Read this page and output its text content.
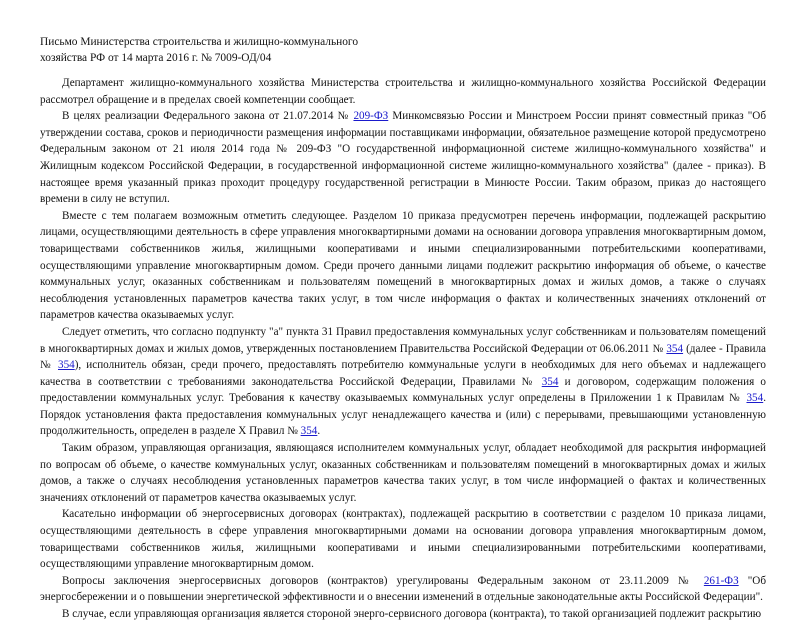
Письмо Министерства строительства и жилищно-коммунального
хозяйства РФ от 14 марта 2016 г. № 7009-ОД/04

Департамент жилищно-коммунального хозяйства Министерства строительства и жилищно-коммунального хозяйства Российской Федерации рассмотрел обращение и в пределах своей компетенции сообщает.

В целях реализации Федерального закона от 21.07.2014 № 209-ФЗ Минкомсвязью России и Минстроем России принят совместный приказ "Об утверждении состава, сроков и периодичности размещения информации поставщиками информации, обязательное размещение которой предусмотрено Федеральным законом от 21 июля 2014 года № 209-ФЗ "О государственной информационной системе жилищно-коммунального хозяйства" и Жилищным кодексом Российской Федерации, в государственной информационной системе жилищно-коммунального хозяйства" (далее - приказ). В настоящее время указанный приказ проходит процедуру государственной регистрации в Минюсте России. Таким образом, приказ до настоящего времени в силу не вступил.

Вместе с тем полагаем возможным отметить следующее. Разделом 10 приказа предусмотрен перечень информации, подлежащей раскрытию лицами, осуществляющими деятельность в сфере управления многоквартирными домами на основании договора управления многоквартирным домом, товариществами собственников жилья, жилищными кооперативами и иными специализированными потребительскими кооперативами, осуществляющими управление многоквартирным домом. Среди прочего данными лицами подлежит раскрытию информация об объеме, о качестве коммунальных услуг, оказанных собственникам и пользователям помещений в многоквартирных домах и жилых домов, а также о случаях несоблюдения установленных параметров качества таких услуг, в том числе информация о фактах и количественных значениях отклонений от параметров качества оказываемых услуг.

Следует отметить, что согласно подпункту "а" пункта 31 Правил предоставления коммунальных услуг собственникам и пользователям помещений в многоквартирных домах и жилых домов, утвержденных постановлением Правительства Российской Федерации от 06.06.2011 № 354 (далее - Правила № 354), исполнитель обязан, среди прочего, предоставлять потребителю коммунальные услуги в необходимых для него объемах и надлежащего качества в соответствии с требованиями законодательства Российской Федерации, Правилами № 354 и договором, содержащим положения о предоставлении коммунальных услуг. Требования к качеству оказываемых коммунальных услуг определены в Приложении 1 к Правилам № 354. Порядок установления факта предоставления коммунальных услуг ненадлежащего качества и (или) с перерывами, превышающими установленную продолжительность, определен в разделе X Правил № 354.

Таким образом, управляющая организация, являющаяся исполнителем коммунальных услуг, обладает необходимой для раскрытия информацией по вопросам об объеме, о качестве коммунальных услуг, оказанных собственникам и пользователям помещений в многоквартирных домах и жилых домов, а также о случаях несоблюдения установленных параметров качества таких услуг, в том числе информацией о фактах и количественных значениях отклонений от параметров качества оказываемых услуг.

Касательно информации об энергосервисных договорах (контрактах), подлежащей раскрытию в соответствии с разделом 10 приказа лицами, осуществляющими деятельность в сфере управления многоквартирными домами на основании договора управления многоквартирным домом, товариществами собственников жилья, жилищными кооперативами и иными специализированными потребительскими кооперативами, осуществляющими управление многоквартирным домом.

Вопросы заключения энергосервисных договоров (контрактов) урегулированы Федеральным законом от 23.11.2009 № 261-ФЗ "Об энергосбережении и о повышении энергетической эффективности и о внесении изменений в отдельные законодательные акты Российской Федерации".

В случае, если управляющая организация является стороной энерго-сервисного договора (контракта), то такой организацией подлежит раскрытию
